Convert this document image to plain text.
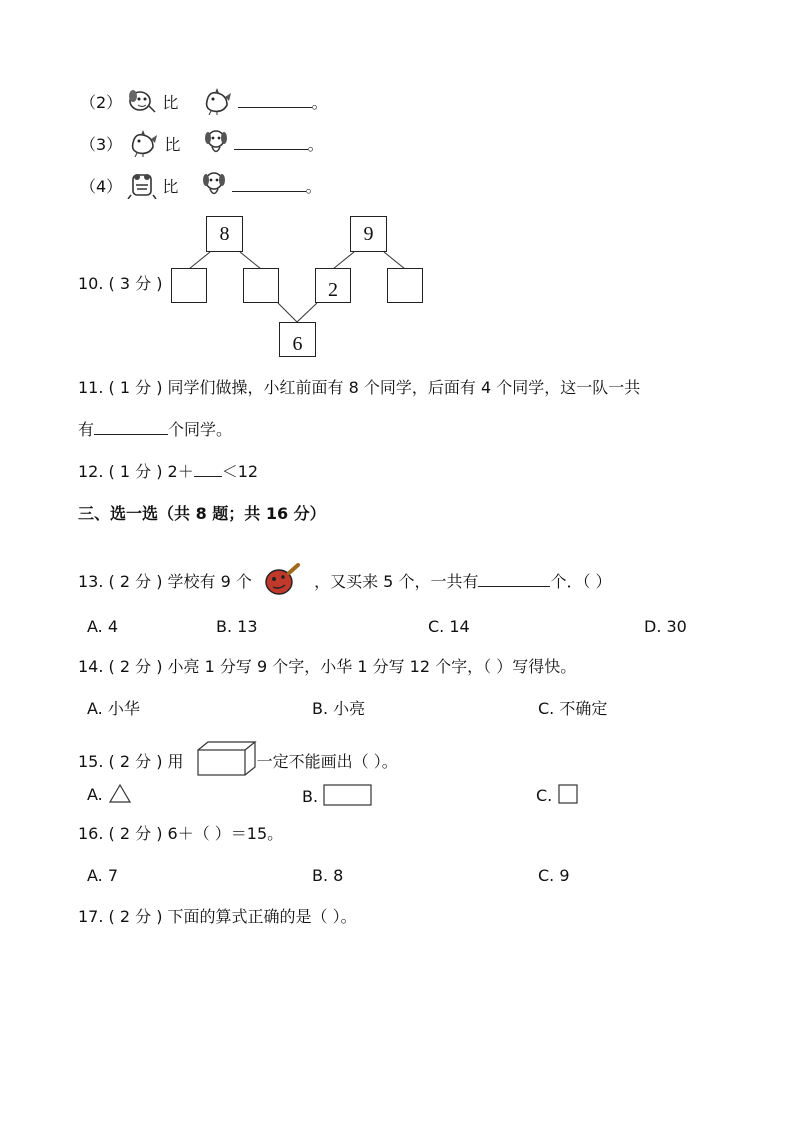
（2）	比	。
（3）	比	。
（4）	比	。
10. ( 3 分 )
8	9
2
6
11. ( 1 分 ) 同学们做操，小红前面有 8 个同学，后面有 4 个同学，这一队一共
有	个同学。
12. ( 1 分 ) 2＋ ＜12
三、选一选（共 8 题；共 16 分）
13. ( 2 分 ) 学校有 9 个	，又买来 5 个，一共有	个．（ ）
A. 4	B. 13	C. 14	D. 30
14. ( 2 分 ) 小亮 1 分写 9 个字，小华 1 分写 12 个字，（ ）写得快。
A. 小华	B. 小亮	C. 不确定
15. ( 2 分 ) 用	一定不能画出（ ）。
A.	B.	C.
16. ( 2 分 ) 6＋（ ）＝15。
A. 7	B. 8	C. 9
17. ( 2 分 ) 下面的算式正确的是（ ）。
